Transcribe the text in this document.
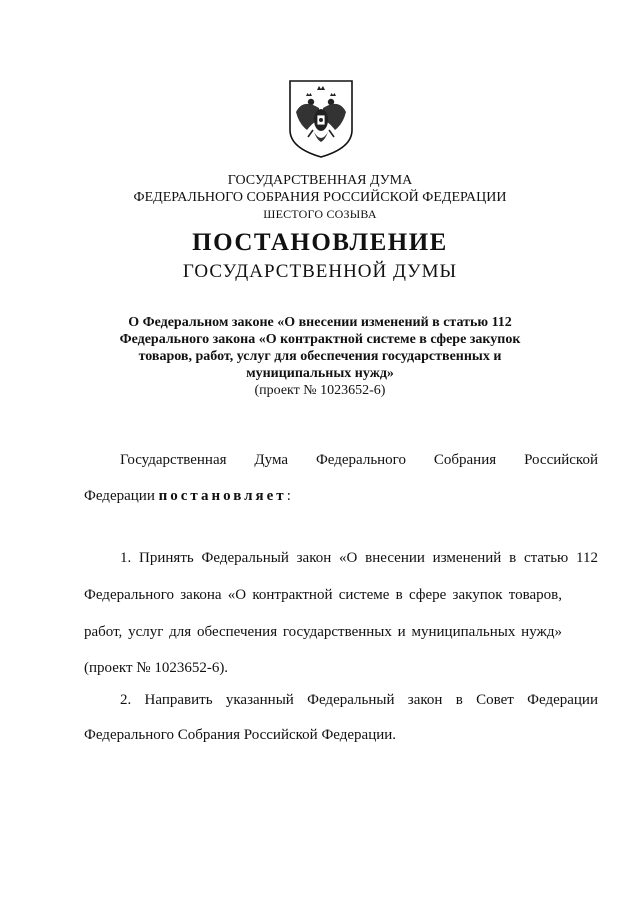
ГОСУДАРСТВЕННАЯ ДУМА
ФЕДЕРАЛЬНОГО СОБРАНИЯ РОССИЙСКОЙ ФЕДЕРАЦИИ
ШЕСТОГО СОЗЫВА
ПОСТАНОВЛЕНИЕ
ГОСУДАРСТВЕННОЙ ДУМЫ
О Федеральном законе «О внесении изменений в статью 112
Федерального закона «О контрактной системе в сфере закупок
товаров, работ, услуг для обеспечения государственных и
муниципальных нужд»
(проект № 1023652-6)
Государственная Дума Федерального Собрания Российской
Федерации постановляет:
1. Принять Федеральный закон «О внесении изменений в статью 112
Федерального закона «О контрактной системе в сфере закупок товаров,
работ, услуг для обеспечения государственных и муниципальных нужд»
(проект № 1023652-6).
2. Направить указанный Федеральный закон в Совет Федерации
Федерального Собрания Российской Федерации.
